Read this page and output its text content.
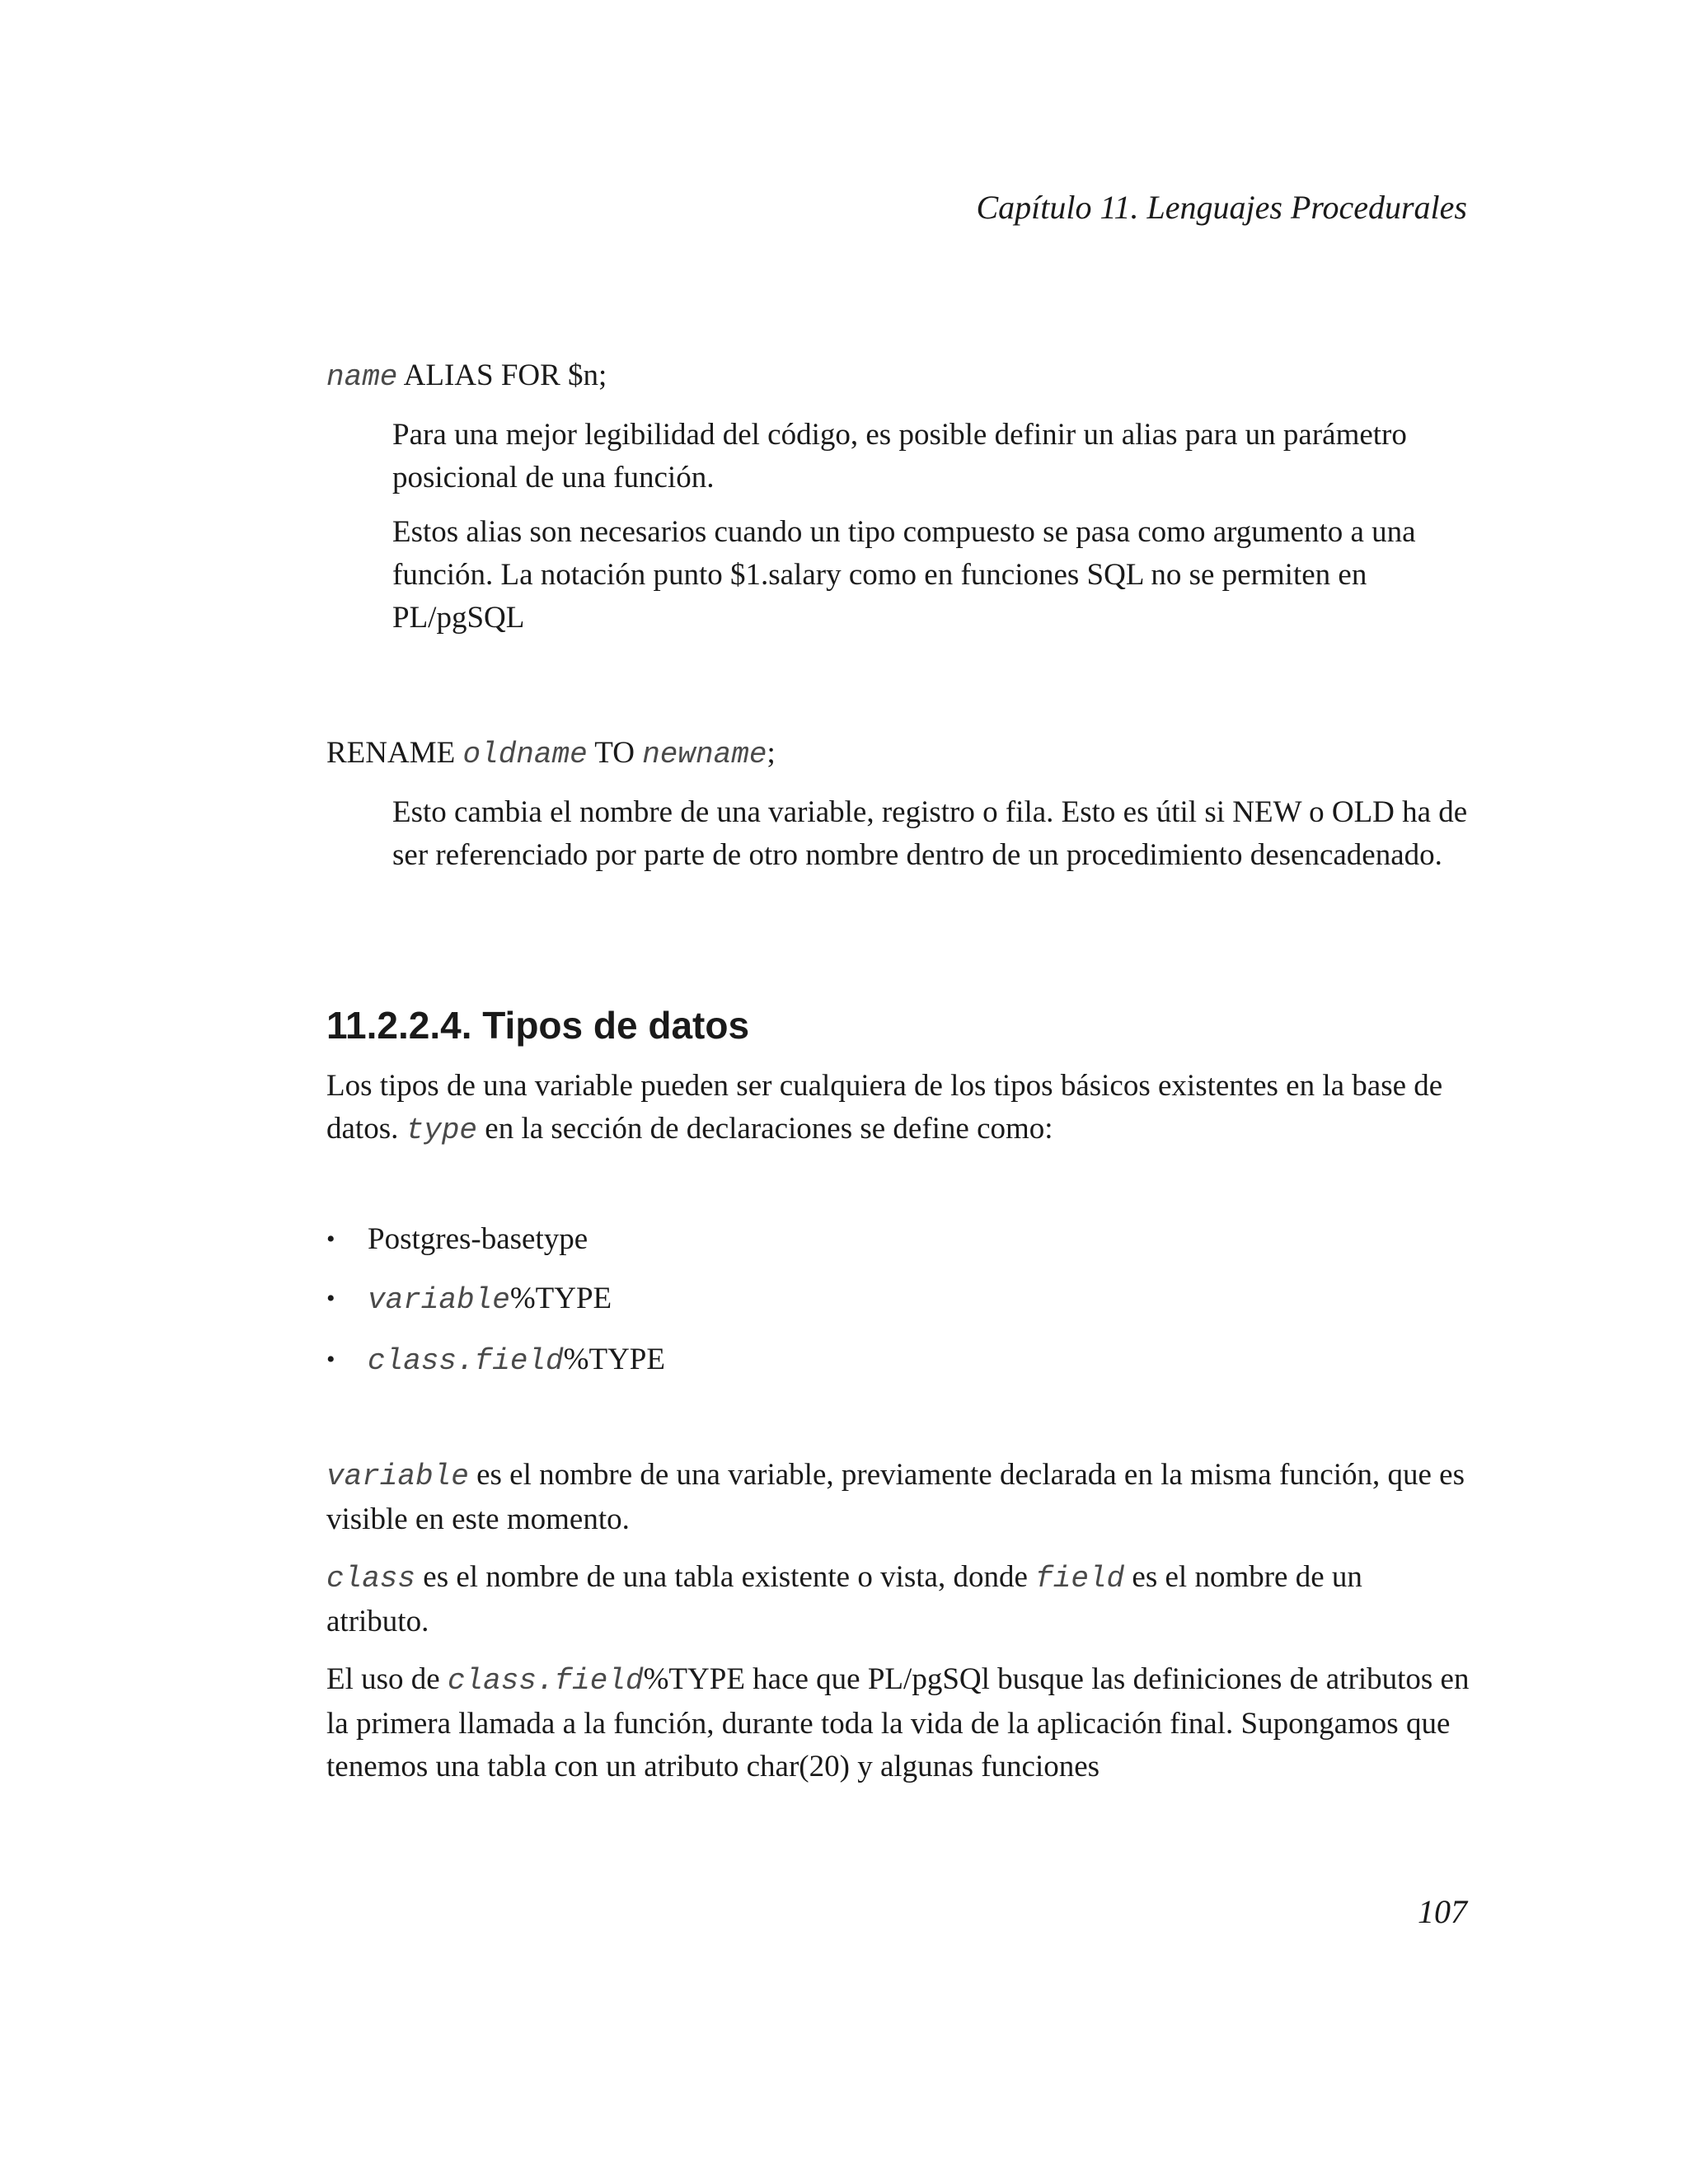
Capítulo 11. Lenguajes Procedurales

name ALIAS FOR $n;

Para una mejor legibilidad del código, es posible definir un alias para un parámetro posicional de una función.

Estos alias son necesarios cuando un tipo compuesto se pasa como argumento a una función. La notación punto $1.salary como en funciones SQL no se permiten en PL/pgSQL

RENAME oldname TO newname;

Esto cambia el nombre de una variable, registro o fila. Esto es útil si NEW o OLD ha de ser referenciado por parte de otro nombre dentro de un procedimiento desencadenado.

11.2.2.4. Tipos de datos

Los tipos de una variable pueden ser cualquiera de los tipos básicos existentes en la base de datos. type en la sección de declaraciones se define como:

• Postgres-basetype
• variable%TYPE
• class.field%TYPE

variable es el nombre de una variable, previamente declarada en la misma función, que es visible en este momento.

class es el nombre de una tabla existente o vista, donde field es el nombre de un atributo.

El uso de class.field%TYPE hace que PL/pgSQl busque las definiciones de atributos en la primera llamada a la función, durante toda la vida de la aplicación final. Supongamos que tenemos una tabla con un atributo char(20) y algunas funciones

107
